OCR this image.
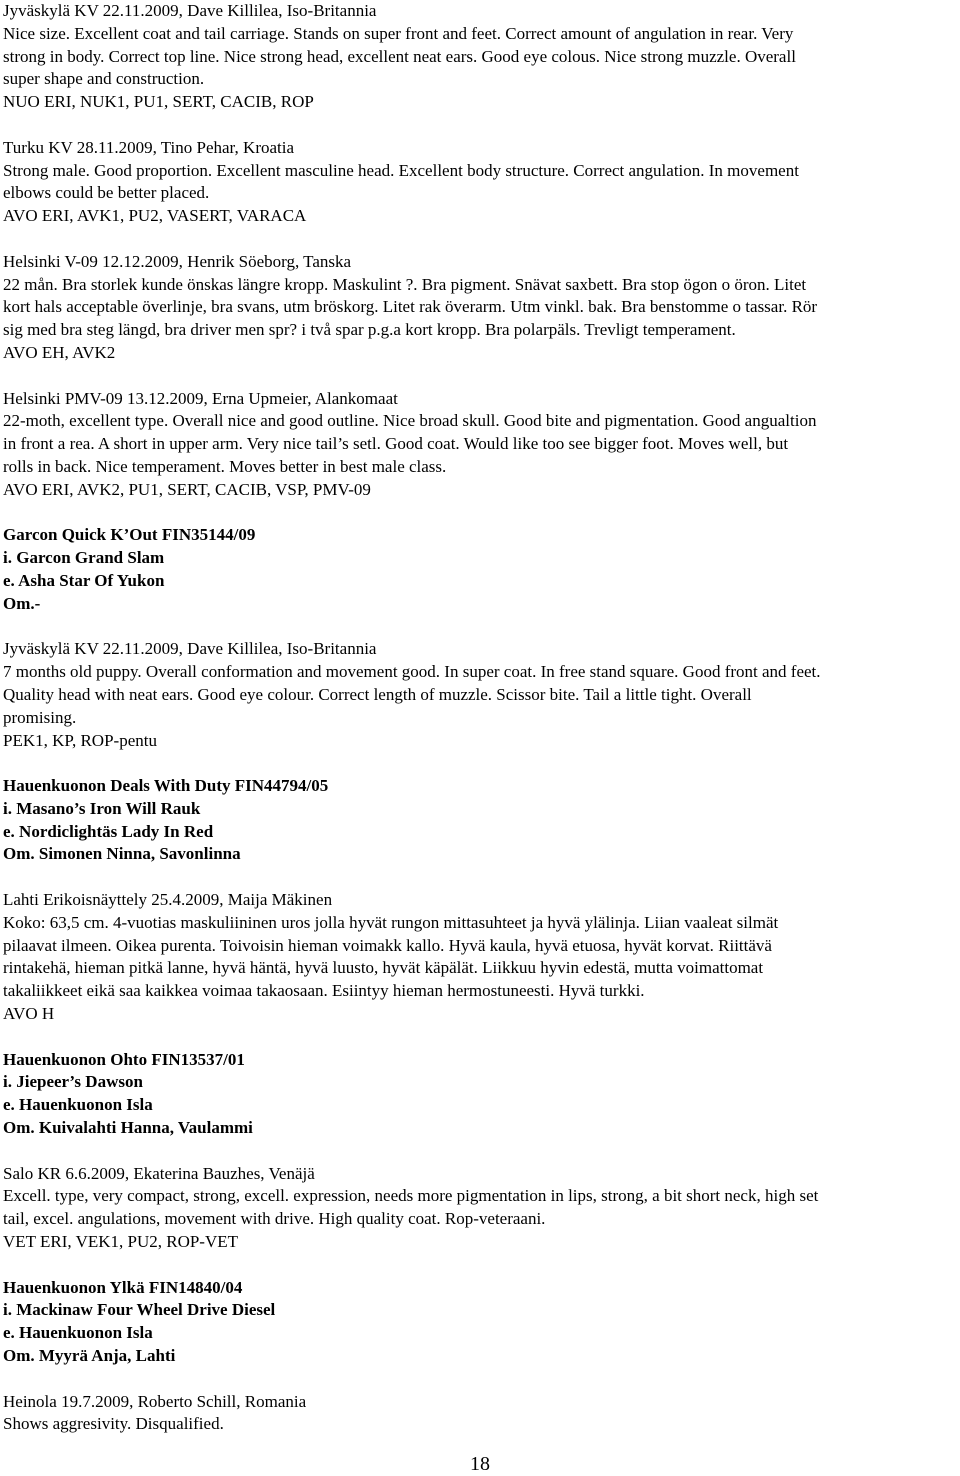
Jyväskylä KV 22.11.2009, Dave Killilea, Iso-Britannia
Nice size. Excellent coat and tail carriage. Stands on super front and feet. Correct amount of angulation in rear. Very
strong in body. Correct top line. Nice strong head, excellent neat ears. Good eye colous. Nice strong muzzle. Overall
super shape and construction.
NUO ERI, NUK1, PU1, SERT, CACIB, ROP
Turku KV 28.11.2009, Tino Pehar, Kroatia
Strong male. Good proportion. Excellent masculine head. Excellent body structure. Correct angulation. In movement
elbows could be better placed.
AVO ERI, AVK1, PU2, VASERT, VARACA
Helsinki V-09 12.12.2009, Henrik Söeborg, Tanska
22 mån. Bra storlek kunde önskas längre kropp. Maskulint ?. Bra pigment. Snävat saxbett. Bra stop ögon o öron. Litet
kort hals acceptable överlinje, bra svans, utm bröskorg. Litet rak överarm. Utm vinkl. bak. Bra benstomme o tassar. Rör
sig med bra steg längd, bra driver men spr? i två spar p.g.a kort kropp. Bra polarpäls. Trevligt temperament.
AVO EH, AVK2
Helsinki PMV-09 13.12.2009, Erna Upmeier, Alankomaat
22-moth, excellent type. Overall nice and good outline. Nice broad skull. Good bite and pigmentation. Good angualtion
in front a rea. A short in upper arm. Very nice tail’s setl. Good coat. Would like too see bigger foot. Moves well, but
rolls in back. Nice temperament. Moves better in best male class.
AVO ERI, AVK2, PU1, SERT, CACIB, VSP, PMV-09
Garcon Quick K’Out FIN35144/09
i. Garcon Grand Slam
e. Asha Star Of Yukon
Om.-
Jyväskylä KV 22.11.2009, Dave Killilea, Iso-Britannia
7 months old puppy. Overall conformation and movement good. In super coat. In free stand square. Good front and feet.
Quality head with neat ears. Good eye colour. Correct length of muzzle. Scissor bite. Tail a little tight. Overall
promising.
PEK1, KP, ROP-pentu
Hauenkuonon Deals With Duty FIN44794/05
i. Masano’s Iron Will Rauk
e. Nordiclightäs Lady In Red
Om. Simonen Ninna, Savonlinna
Lahti Erikoisnäyttely 25.4.2009, Maija Mäkinen
Koko: 63,5 cm. 4-vuotias maskuliininen uros jolla hyvät rungon mittasuhteet ja hyvä ylälinja. Liian vaaleat silmät
pilaavat ilmeen. Oikea purenta. Toivoisin hieman voimakk kallo. Hyvä kaula, hyvä etuosa, hyvät korvat. Riittävä
rintakehä, hieman pitkä lanne, hyvä häntä, hyvä luusto, hyvät käpälät. Liikkuu hyvin edestä, mutta voimattomat
takaliikkeet eikä saa kaikkea voimaa takaosaan. Esiintyy hieman hermostuneesti. Hyvä turkki.
AVO H
Hauenkuonon Ohto FIN13537/01
i. Jiepeer’s Dawson
e. Hauenkuonon Isla
Om. Kuivalahti Hanna, Vaulammi
Salo KR 6.6.2009, Ekaterina Bauzhes, Venäjä
Excell. type, very compact, strong, excell. expression, needs more pigmentation in lips, strong, a bit short neck, high set
tail, excel. angulations, movement with drive. High quality coat. Rop-veteraani.
VET ERI, VEK1, PU2, ROP-VET
Hauenkuonon Ylkä FIN14840/04
i. Mackinaw Four Wheel Drive Diesel
e. Hauenkuonon Isla
Om. Myyrä Anja, Lahti
Heinola 19.7.2009, Roberto Schill, Romania
Shows aggresivity. Disqualified.
18
